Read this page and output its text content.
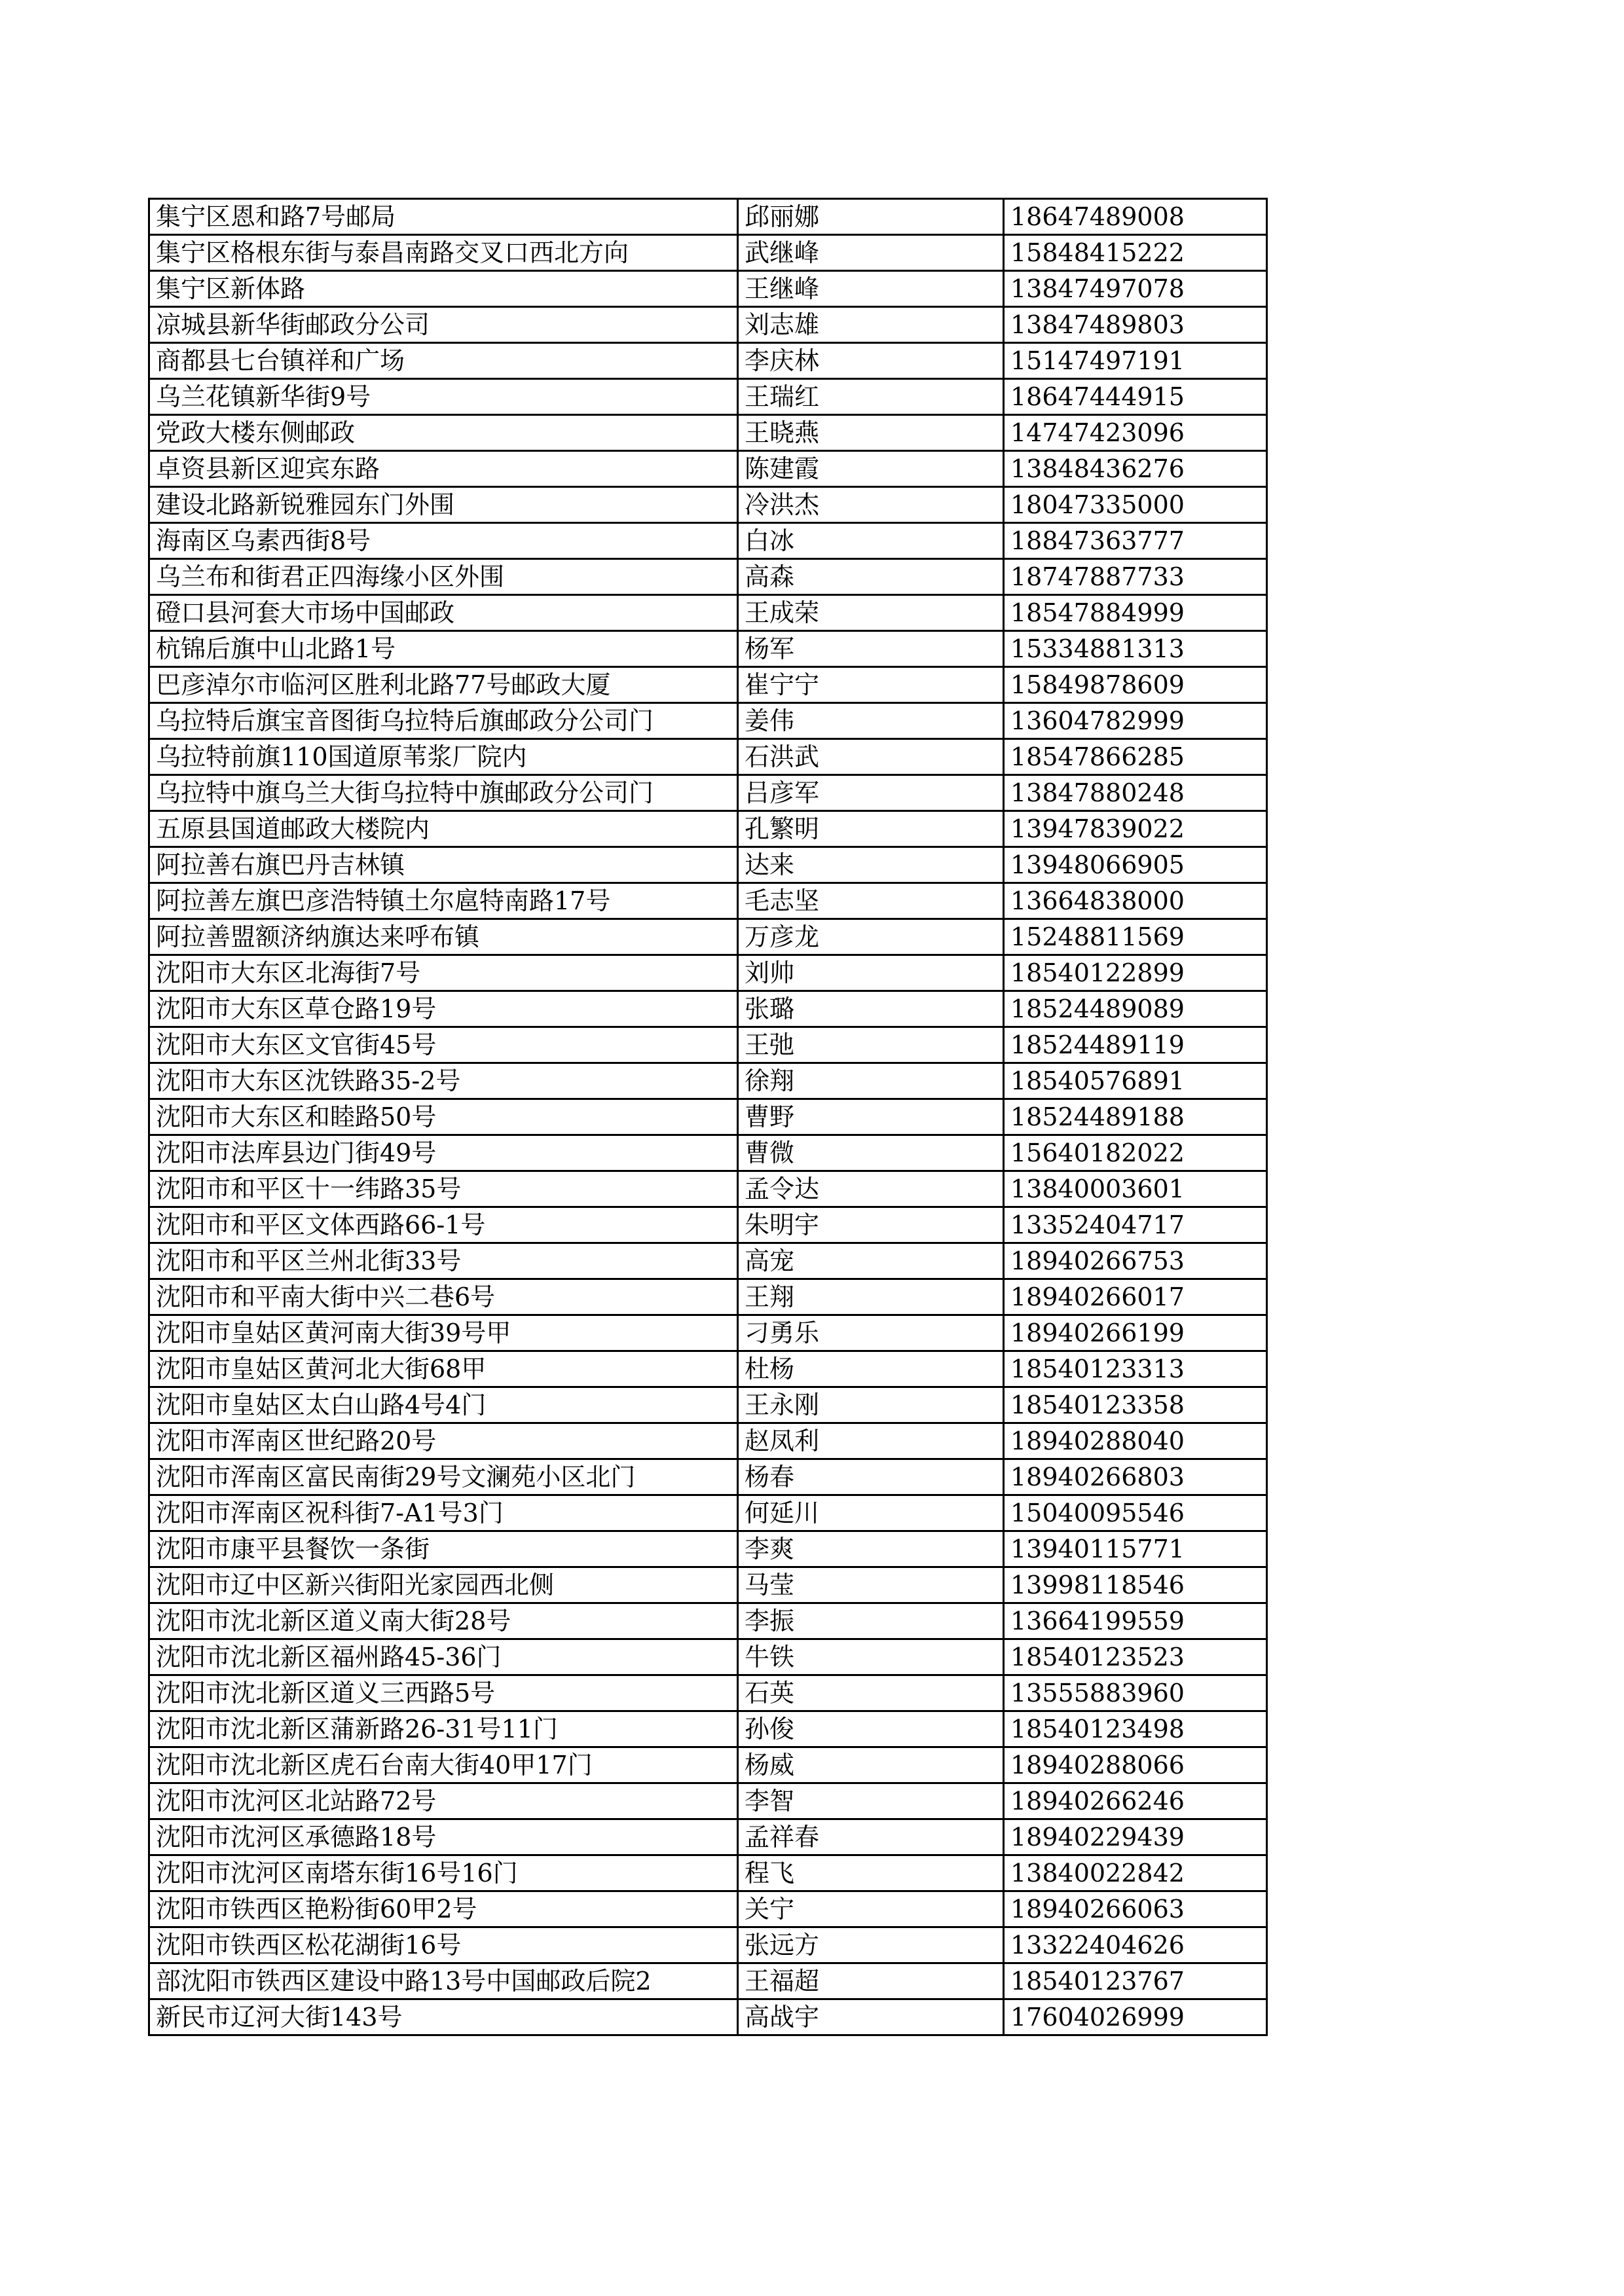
集宁区恩和路7号邮局	邱丽娜	18647489008
集宁区格根东街与泰昌南路交叉口西北方向	武继峰	15848415222
集宁区新体路	王继峰	13847497078
凉城县新华街邮政分公司	刘志雄	13847489803
商都县七台镇祥和广场	李庆林	15147497191
乌兰花镇新华街9号	王瑞红	18647444915
党政大楼东侧邮政	王晓燕	14747423096
卓资县新区迎宾东路	陈建霞	13848436276
建设北路新锐雅园东门外围	冷洪杰	18047335000
海南区乌素西街8号	白冰	18847363777
乌兰布和街君正四海缘小区外围	高森	18747887733
磴口县河套大市场中国邮政	王成荣	18547884999
杭锦后旗中山北路1号	杨军	15334881313
巴彦淖尔市临河区胜利北路77号邮政大厦	崔宁宁	15849878609
乌拉特后旗宝音图街乌拉特后旗邮政分公司门	姜伟	13604782999
乌拉特前旗110国道原苇浆厂院内	石洪武	18547866285
乌拉特中旗乌兰大街乌拉特中旗邮政分公司门	吕彦军	13847880248
五原县国道邮政大楼院内	孔繁明	13947839022
阿拉善右旗巴丹吉林镇	达来	13948066905
阿拉善左旗巴彦浩特镇土尔扈特南路17号	毛志坚	13664838000
阿拉善盟额济纳旗达来呼布镇	万彦龙	15248811569
沈阳市大东区北海街7号	刘帅	18540122899
沈阳市大东区草仓路19号	张璐	18524489089
沈阳市大东区文官街45号	王弛	18524489119
沈阳市大东区沈铁路35-2号	徐翔	18540576891
沈阳市大东区和睦路50号	曹野	18524489188
沈阳市法库县边门街49号	曹微	15640182022
沈阳市和平区十一纬路35号	孟令达	13840003601
沈阳市和平区文体西路66-1号	朱明宇	13352404717
沈阳市和平区兰州北街33号	高宠	18940266753
沈阳市和平南大街中兴二巷6号	王翔	18940266017
沈阳市皇姑区黄河南大街39号甲	刁勇乐	18940266199
沈阳市皇姑区黄河北大街68甲	杜杨	18540123313
沈阳市皇姑区太白山路4号4门	王永刚	18540123358
沈阳市浑南区世纪路20号	赵凤利	18940288040
沈阳市浑南区富民南街29号文澜苑小区北门	杨春	18940266803
沈阳市浑南区祝科街7-A1号3门	何延川	15040095546
沈阳市康平县餐饮一条街	李爽	13940115771
沈阳市辽中区新兴街阳光家园西北侧	马莹	13998118546
沈阳市沈北新区道义南大街28号	李振	13664199559
沈阳市沈北新区福州路45-36门	牛铁	18540123523
沈阳市沈北新区道义三西路5号	石英	13555883960
沈阳市沈北新区蒲新路26-31号11门	孙俊	18540123498
沈阳市沈北新区虎石台南大街40甲17门	杨威	18940288066
沈阳市沈河区北站路72号	李智	18940266246
沈阳市沈河区承德路18号	孟祥春	18940229439
沈阳市沈河区南塔东街16号16门	程飞	13840022842
沈阳市铁西区艳粉街60甲2号	关宁	18940266063
沈阳市铁西区松花湖街16号	张远方	13322404626
部沈阳市铁西区建设中路13号中国邮政后院2	王福超	18540123767
新民市辽河大街143号	高战宇	17604026999
